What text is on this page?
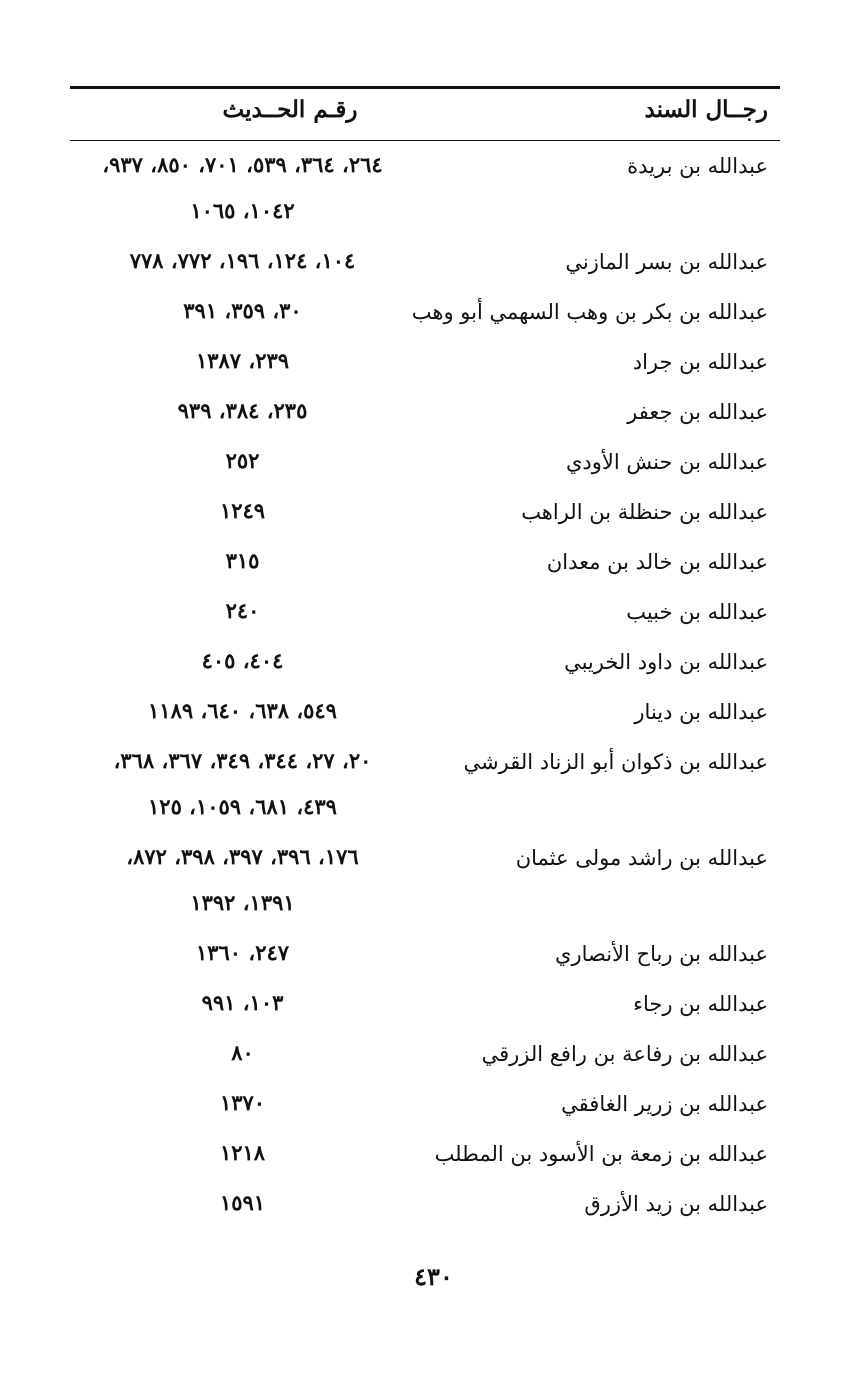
رجــال السند
رقـم الحــديث
عبدالله بن بريدة
٢٦٤، ٣٦٤، ٥٣٩، ٧٠١، ٨٥٠، ٩٣٧،
١٠٤٢، ١٠٦٥
عبدالله بن بسر المازني
١٠٤، ١٢٤، ١٩٦، ٧٧٢، ٧٧٨
عبدالله بن بكر بن وهب السهمي أبو وهب
٣٠، ٣٥٩، ٣٩١
عبدالله بن جراد
٢٣٩، ١٣٨٧
عبدالله بن جعفر
٢٣٥، ٣٨٤، ٩٣٩
عبدالله بن حنش الأودي
٢٥٢
عبدالله بن حنظلة بن الراهب
١٢٤٩
عبدالله بن خالد بن معدان
٣١٥
عبدالله بن خبيب
٢٤٠
عبدالله بن داود الخريبي
٤٠٤، ٤٠٥
عبدالله بن دينار
٥٤٩، ٦٣٨، ٦٤٠، ١١٨٩
عبدالله بن ذكوان أبو الزناد القرشي
٢٠، ٢٧، ٣٤٤، ٣٤٩، ٣٦٧، ٣٦٨،
٤٣٩، ٦٨١، ١٠٥٩، ١٢٥
عبدالله بن راشد مولى عثمان
١٧٦، ٣٩٦، ٣٩٧، ٣٩٨، ٨٧٢،
١٣٩١، ١٣٩٢
عبدالله بن رباح الأنصاري
٢٤٧، ١٣٦٠
عبدالله بن رجاء
١٠٣، ٩٩١
عبدالله بن رفاعة بن رافع الزرقي
٨٠
عبدالله بن زرير الغافقي
١٣٧٠
عبدالله بن زمعة بن الأسود بن المطلب
١٢١٨
عبدالله بن زيد الأزرق
١٥٩١
٤٣٠
